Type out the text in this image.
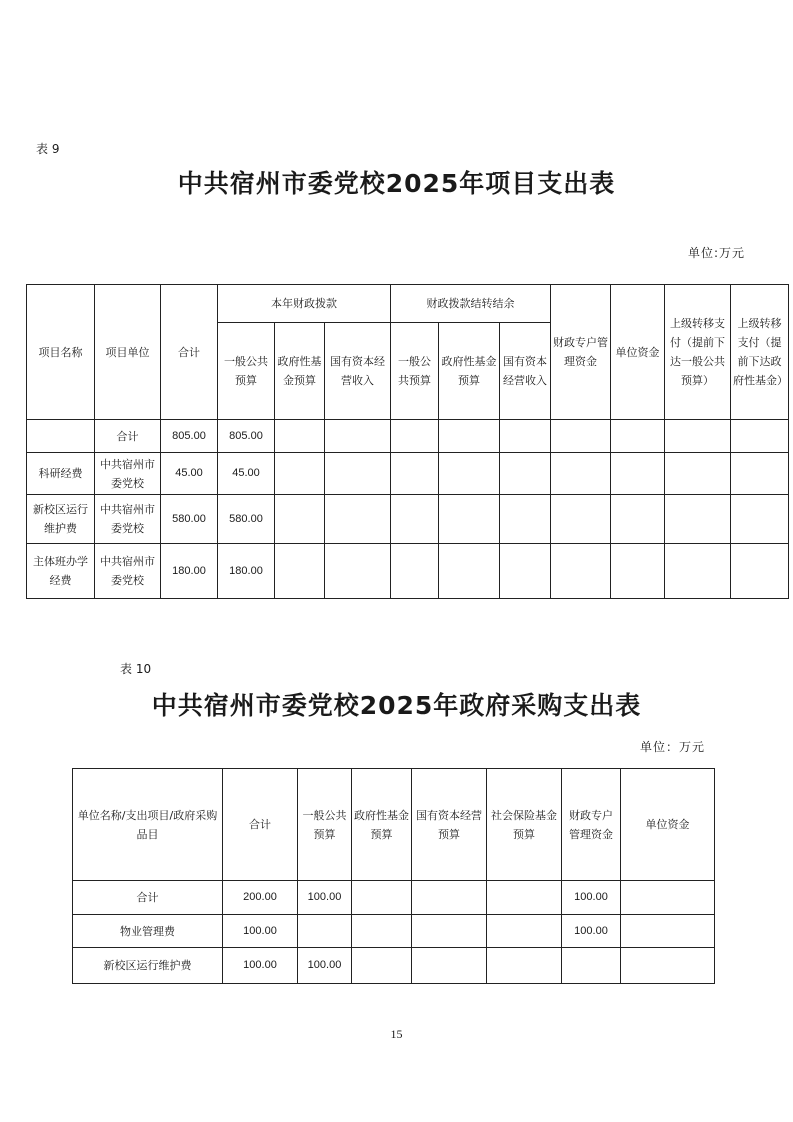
表 9
中共宿州市委党校2025年项目支出表
单位:万元
项目名称	项目单位	合计	本年财政拨款			财政拨款结转结余			财政专户管理资金	单位资金	上级转移支付（提前下达一般公共预算）	上级转移支付（提前下达政府性基金）
			一般公共预算	政府性基金预算	国有资本经营收入	一般公共预算	政府性基金预算	国有资本经营收入				
	合计	805.00	805.00									
科研经费	中共宿州市委党校	45.00	45.00									
新校区运行维护费	中共宿州市委党校	580.00	580.00									
主体班办学经费	中共宿州市委党校	180.00	180.00									
表 10
中共宿州市委党校2025年政府采购支出表
单位：万元
单位名称/支出项目/政府采购品目	合计	一般公共预算	政府性基金预算	国有资本经营预算	社会保险基金预算	财政专户管理资金	单位资金
合计	200.00	100.00				100.00	
物业管理费	100.00					100.00	
新校区运行维护费	100.00	100.00					
15
